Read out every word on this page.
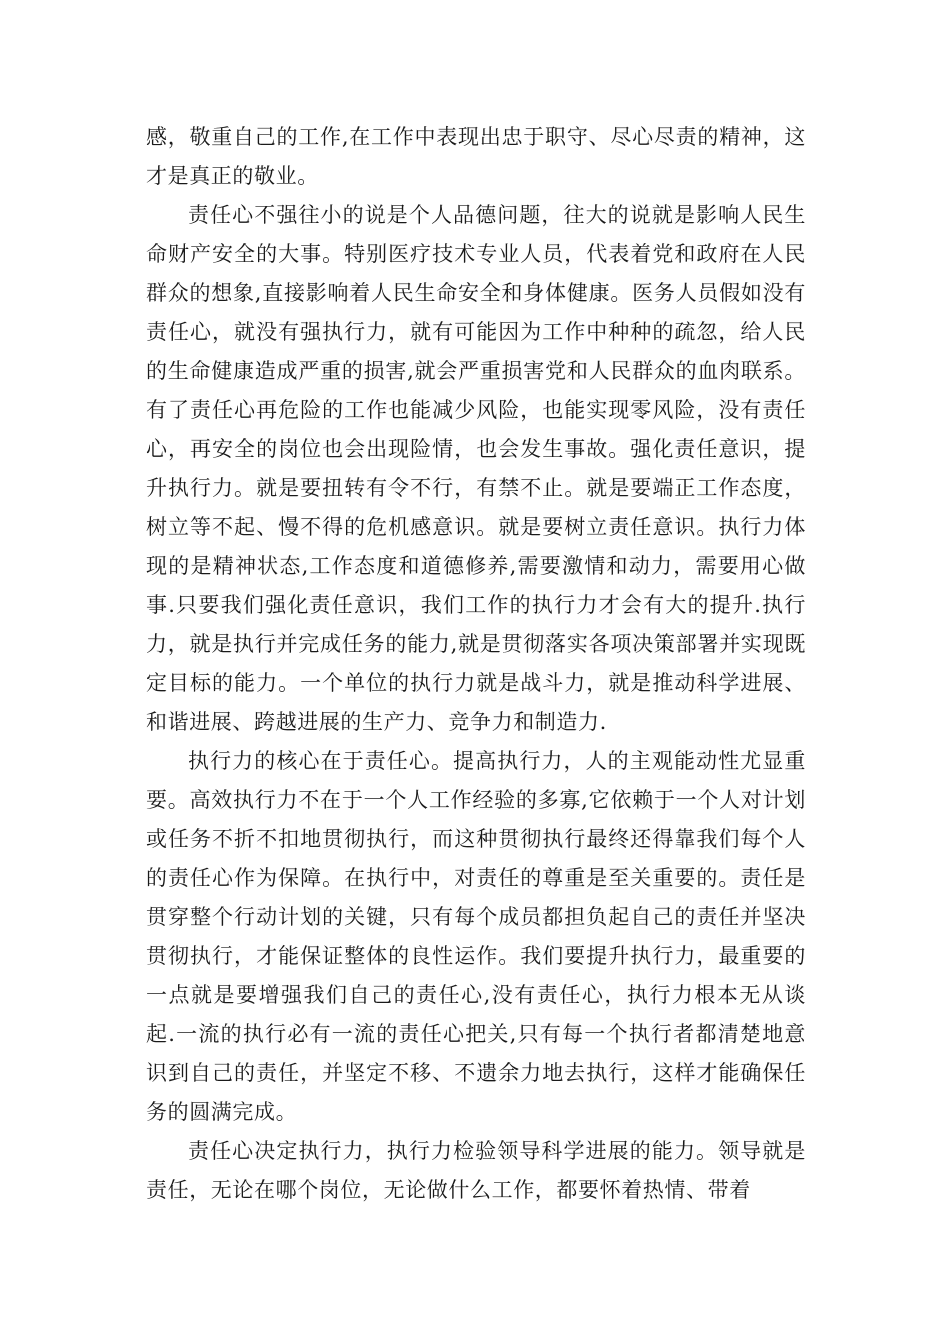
感，敬重自己的工作,在工作中表现出忠于职守、尽心尽责的精神，这才是真正的敬业。

责任心不强往小的说是个人品德问题，往大的说就是影响人民生命财产安全的大事。特别医疗技术专业人员，代表着党和政府在人民群众的想象,直接影响着人民生命安全和身体健康。医务人员假如没有责任心，就没有强执行力，就有可能因为工作中种种的疏忽，给人民的生命健康造成严重的损害,就会严重损害党和人民群众的血肉联系。 有了责任心再危险的工作也能减少风险，也能实现零风险，没有责任心，再安全的岗位也会出现险情，也会发生事故。强化责任意识，提升执行力。就是要扭转有令不行，有禁不止。就是要端正工作态度，树立等不起、慢不得的危机感意识。就是要树立责任意识。执行力体现的是精神状态,工作态度和道德修养,需要激情和动力，需要用心做事.只要我们强化责任意识，我们工作的执行力才会有大的提升.执行力，就是执行并完成任务的能力,就是贯彻落实各项决策部署并实现既定目标的能力。一个单位的执行力就是战斗力，就是推动科学进展、和谐进展、跨越进展的生产力、竞争力和制造力.

执行力的核心在于责任心。提高执行力，人的主观能动性尤显重要。高效执行力不在于一个人工作经验的多寡,它依赖于一个人对计划或任务不折不扣地贯彻执行，而这种贯彻执行最终还得靠我们每个人的责任心作为保障。在执行中，对责任的尊重是至关重要的。责任是贯穿整个行动计划的关键，只有每个成员都担负起自己的责任并坚决贯彻执行，才能保证整体的良性运作。我们要提升执行力，最重要的一点就是要增强我们自己的责任心,没有责任心，执行力根本无从谈起.一流的执行必有一流的责任心把关,只有每一个执行者都清楚地意识到自己的责任，并坚定不移、不遗余力地去执行，这样才能确保任务的圆满完成。

责任心决定执行力，执行力检验领导科学进展的能力。领导就是责任，无论在哪个岗位，无论做什么工作，都要怀着热情、带着
